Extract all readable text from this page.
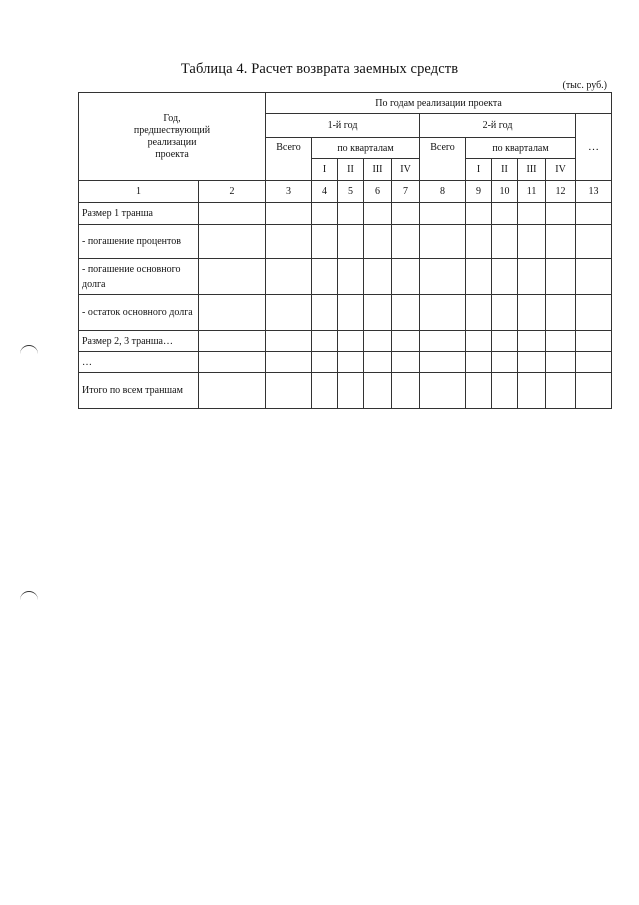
Таблица 4. Расчет возврата заемных средств
(тыс. руб.)
Год,
предшествующий
реализации
проекта		По годам реализации проекта										
		1-й год					2-й год					…
		Всего	по кварталам				Всего	по кварталам				
			I	II	III	IV		I	II	III	IV	
1	2	3	4	5	6	7	8	9	10	11	12	13
Размер 1 транша												
- погашение процентов												
- погашение основного долга												
- остаток основного долга												
Размер 2, 3 транша…												
…												
Итого по всем траншам												
